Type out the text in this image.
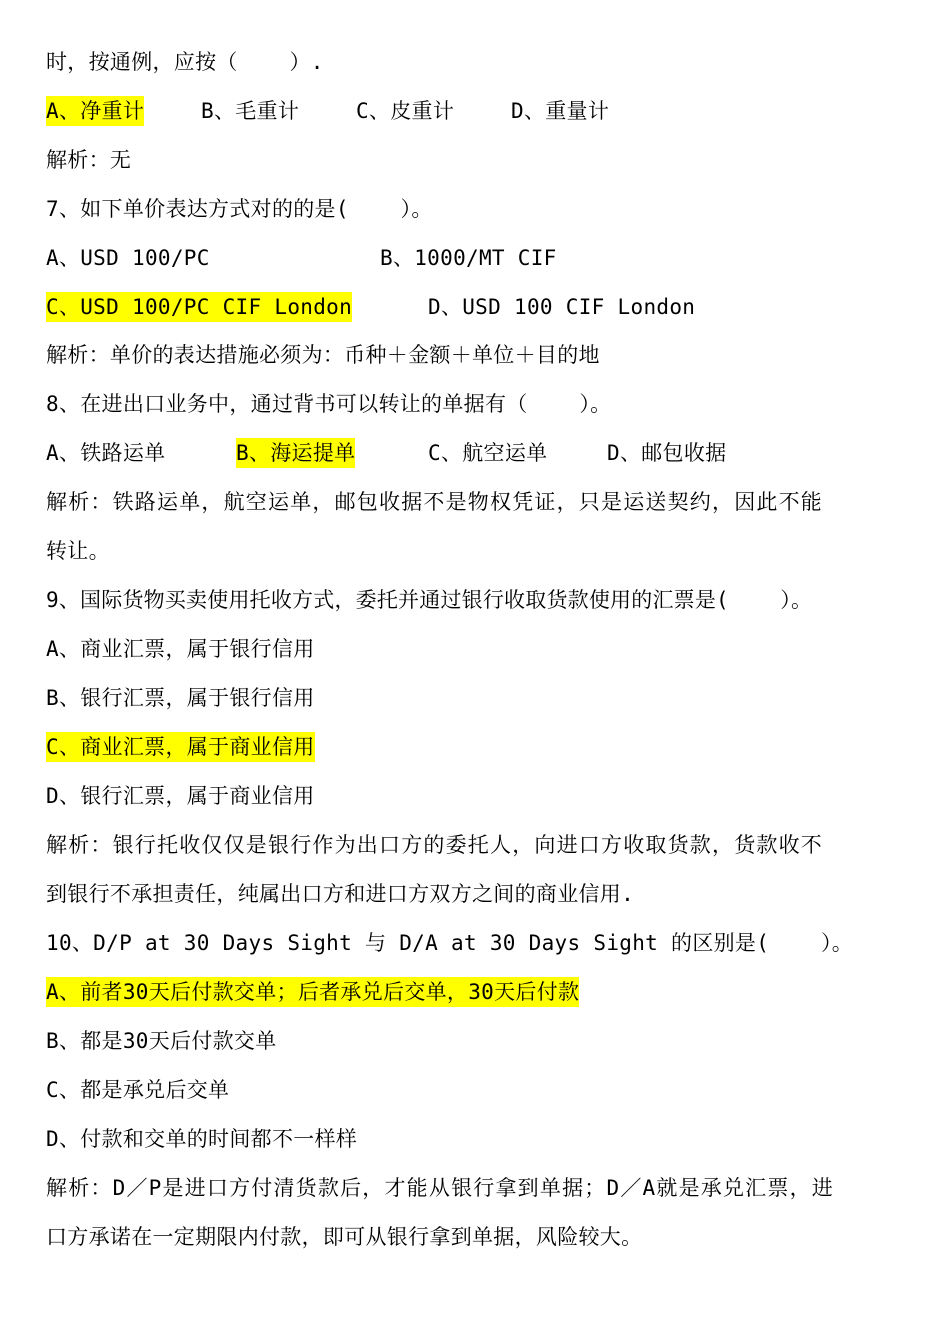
时，按通例，应按（    ）.

A、净重计

	B、毛重计

	C、皮重计

	D、重量计

解析：无
7、如下单价表达方式对的的是(    ）。

A、USD 100/PC

	B、1000/MT CIF

C、USD 100/PC CIF London

	D、USD 100 CIF London

解析：单价的表达措施必须为：币种＋金额＋单位＋目的地
8、在进出口业务中，通过背书可以转让的单据有（    ）。

A、铁路运单

	B、海运提单

	C、航空运单

	D、邮包收据

解析：铁路运单，航空运单，邮包收据不是物权凭证，只是运送契约，因此不能
转让。
9、国际货物买卖使用托收方式，委托并通过银行收取货款使用的汇票是(    ）。
A、商业汇票，属于银行信用
B、银行汇票，属于银行信用
C、商业汇票，属于商业信用
D、银行汇票，属于商业信用
解析：银行托收仅仅是银行作为出口方的委托人，向进口方收取货款，货款收不
到银行不承担责任，纯属出口方和进口方双方之间的商业信用.
10、D/P at 30 Days Sight 与 D/A at 30 Days Sight 的区别是(    ）。
A、前者30天后付款交单；后者承兑后交单，30天后付款
B、都是30天后付款交单
C、都是承兑后交单
D、付款和交单的时间都不一样样
解析：D／P是进口方付清货款后，才能从银行拿到单据；D／A就是承兑汇票，进
口方承诺在一定期限内付款，即可从银行拿到单据，风险较大。
